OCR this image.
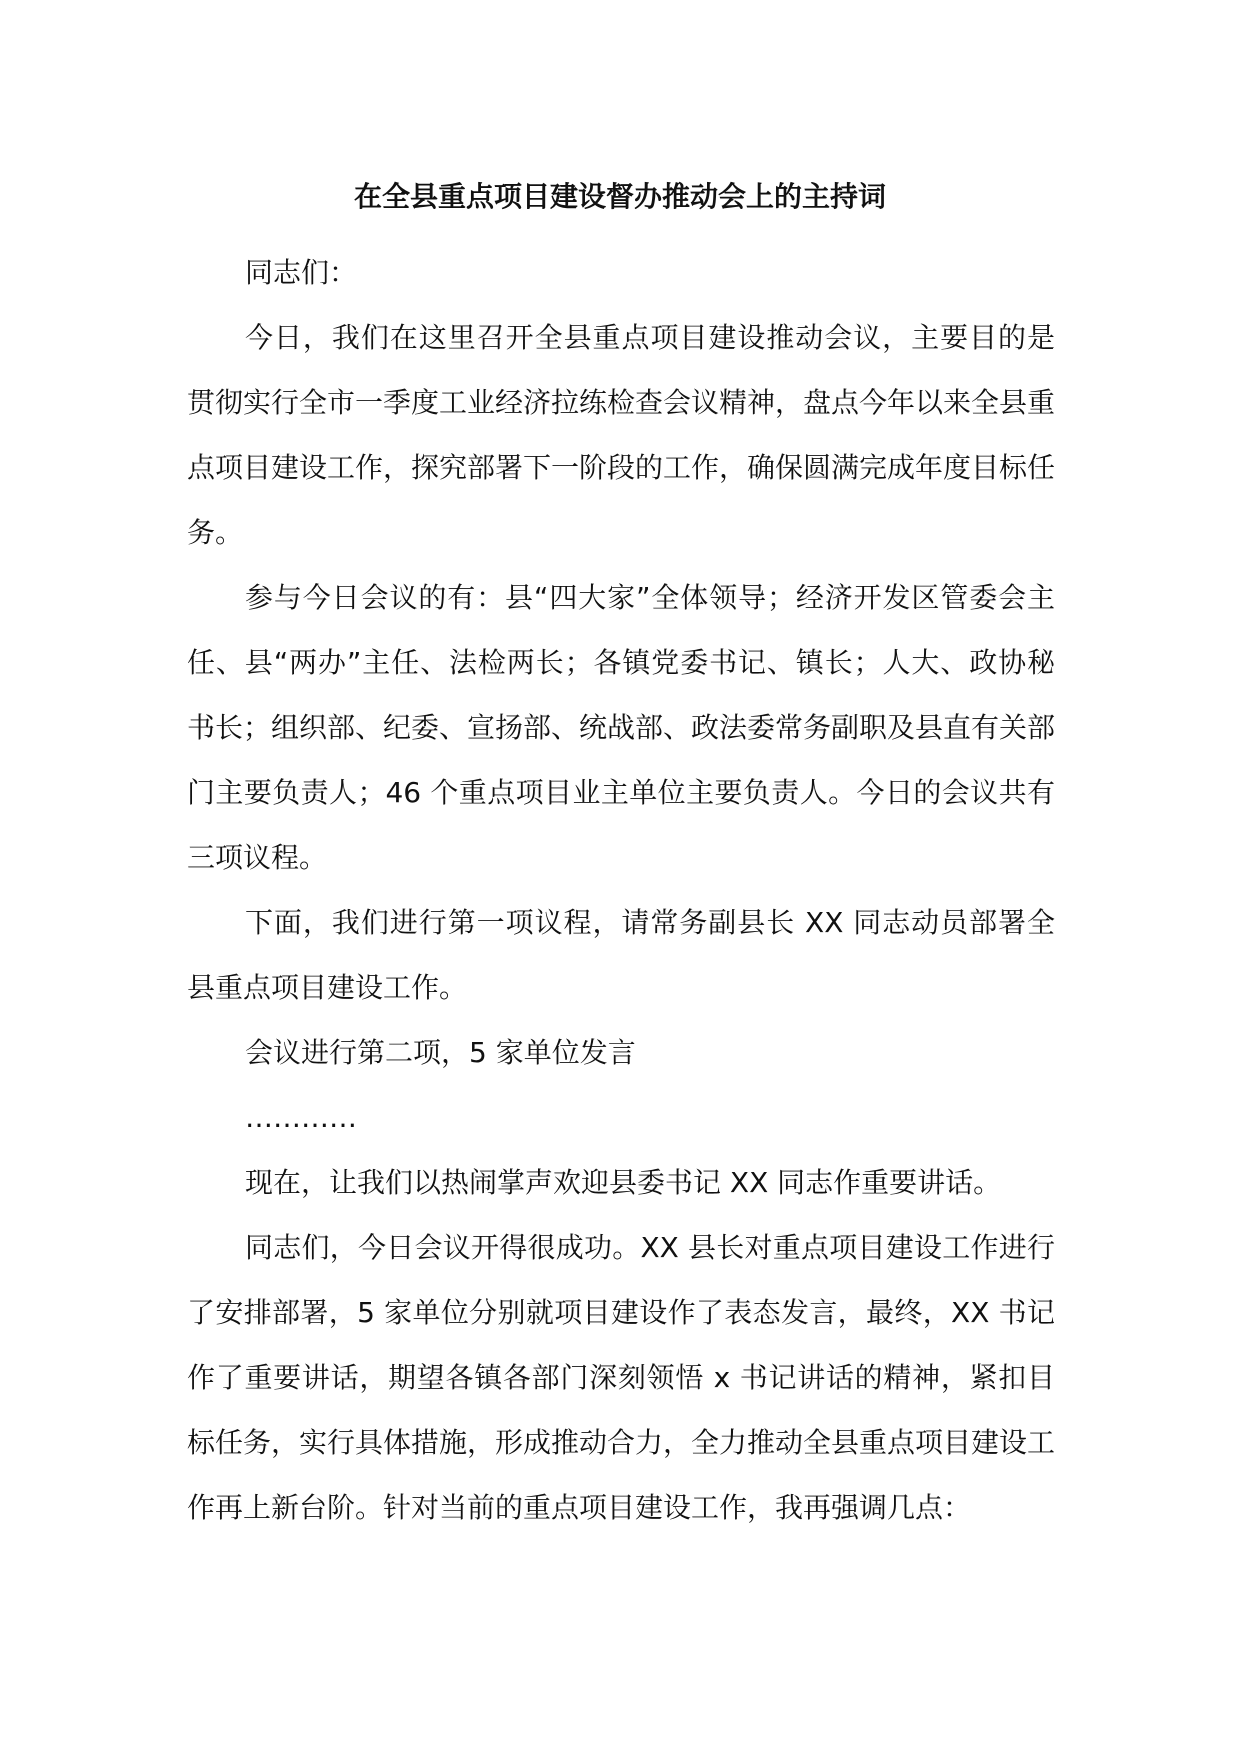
在全县重点项目建设督办推动会上的主持词

同志们：

今日，我们在这里召开全县重点项目建设推动会议，主要目的是贯彻实行全市一季度工业经济拉练检查会议精神，盘点今年以来全县重点项目建设工作，探究部署下一阶段的工作，确保圆满完成年度目标任务。

参与今日会议的有：县“四大家”全体领导；经济开发区管委会主任、县“两办”主任、法检两长；各镇党委书记、镇长；人大、政协秘书长；组织部、纪委、宣扬部、统战部、政法委常务副职及县直有关部门主要负责人；46 个重点项目业主单位主要负责人。今日的会议共有三项议程。

下面，我们进行第一项议程，请常务副县长 XX 同志动员部署全县重点项目建设工作。

会议进行第二项，5 家单位发言

…………

现在，让我们以热闹掌声欢迎县委书记 XX 同志作重要讲话。

同志们，今日会议开得很成功。XX 县长对重点项目建设工作进行了安排部署，5 家单位分别就项目建设作了表态发言，最终，XX 书记作了重要讲话，期望各镇各部门深刻领悟 x 书记讲话的精神，紧扣目标任务，实行具体措施，形成推动合力，全力推动全县重点项目建设工作再上新台阶。针对当前的重点项目建设工作，我再强调几点：
